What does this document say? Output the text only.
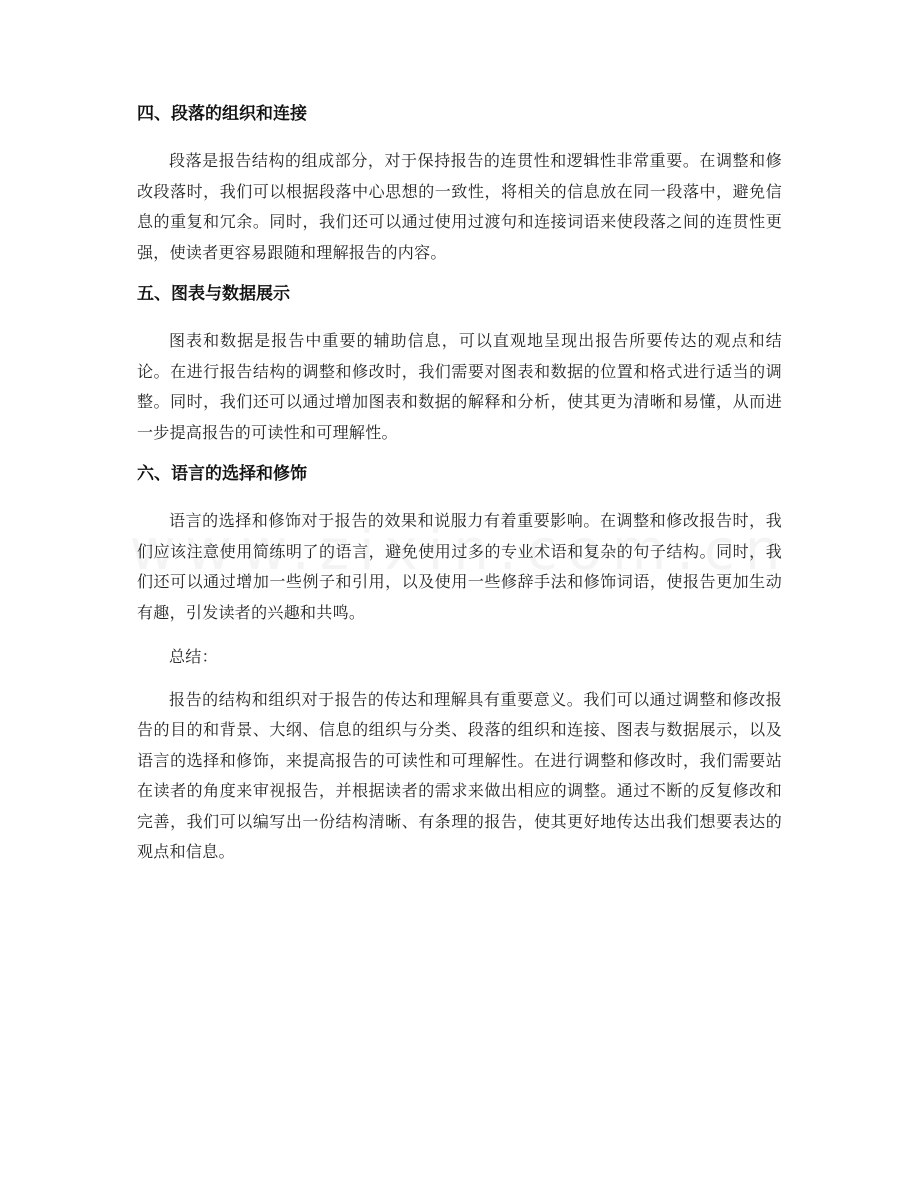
四、段落的组织和连接

段落是报告结构的组成部分，对于保持报告的连贯性和逻辑性非常重要。在调整和修改段落时，我们可以根据段落中心思想的一致性，将相关的信息放在同一段落中，避免信息的重复和冗余。同时，我们还可以通过使用过渡句和连接词语来使段落之间的连贯性更强，使读者更容易跟随和理解报告的内容。

五、图表与数据展示

图表和数据是报告中重要的辅助信息，可以直观地呈现出报告所要传达的观点和结论。在进行报告结构的调整和修改时，我们需要对图表和数据的位置和格式进行适当的调整。同时，我们还可以通过增加图表和数据的解释和分析，使其更为清晰和易懂，从而进一步提高报告的可读性和可理解性。

六、语言的选择和修饰

语言的选择和修饰对于报告的效果和说服力有着重要影响。在调整和修改报告时，我们应该注意使用简练明了的语言，避免使用过多的专业术语和复杂的句子结构。同时，我们还可以通过增加一些例子和引用，以及使用一些修辞手法和修饰词语，使报告更加生动有趣，引发读者的兴趣和共鸣。

总结：

报告的结构和组织对于报告的传达和理解具有重要意义。我们可以通过调整和修改报告的目的和背景、大纲、信息的组织与分类、段落的组织和连接、图表与数据展示，以及语言的选择和修饰，来提高报告的可读性和可理解性。在进行调整和修改时，我们需要站在读者的角度来审视报告，并根据读者的需求来做出相应的调整。通过不断的反复修改和完善，我们可以编写出一份结构清晰、有条理的报告，使其更好地传达出我们想要表达的观点和信息。
